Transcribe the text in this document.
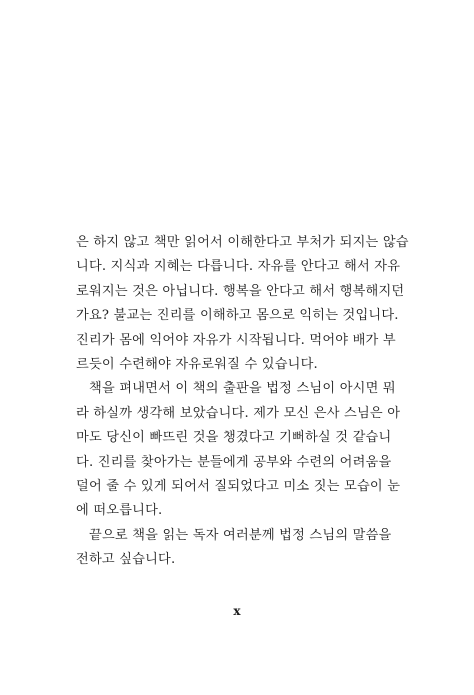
은 하지 않고 책만 읽어서 이해한다고 부처가 되지는 않습
니다. 지식과 지혜는 다릅니다. 자유를 안다고 해서 자유
로워지는 것은 아닙니다. 행복을 안다고 해서 행복해지던
가요? 불교는 진리를 이해하고 몸으로 익히는 것입니다.
진리가 몸에 익어야 자유가 시작됩니다. 먹어야 배가 부
르듯이 수련해야 자유로워질 수 있습니다.
책을 펴내면서 이 책의 출판을 법정 스님이 아시면 뭐
라 하실까 생각해 보았습니다. 제가 모신 은사 스님은 아
마도 당신이 빠뜨린 것을 챙겼다고 기뻐하실 것 같습니
다. 진리를 찾아가는 분들에게 공부와 수련의 어려움을
덜어 줄 수 있게 되어서 질되었다고 미소 짓는 모습이 눈
에 떠오릅니다.
끝으로 책을 읽는 독자 여러분께 법정 스님의 말씀을
전하고 싶습니다.
x
